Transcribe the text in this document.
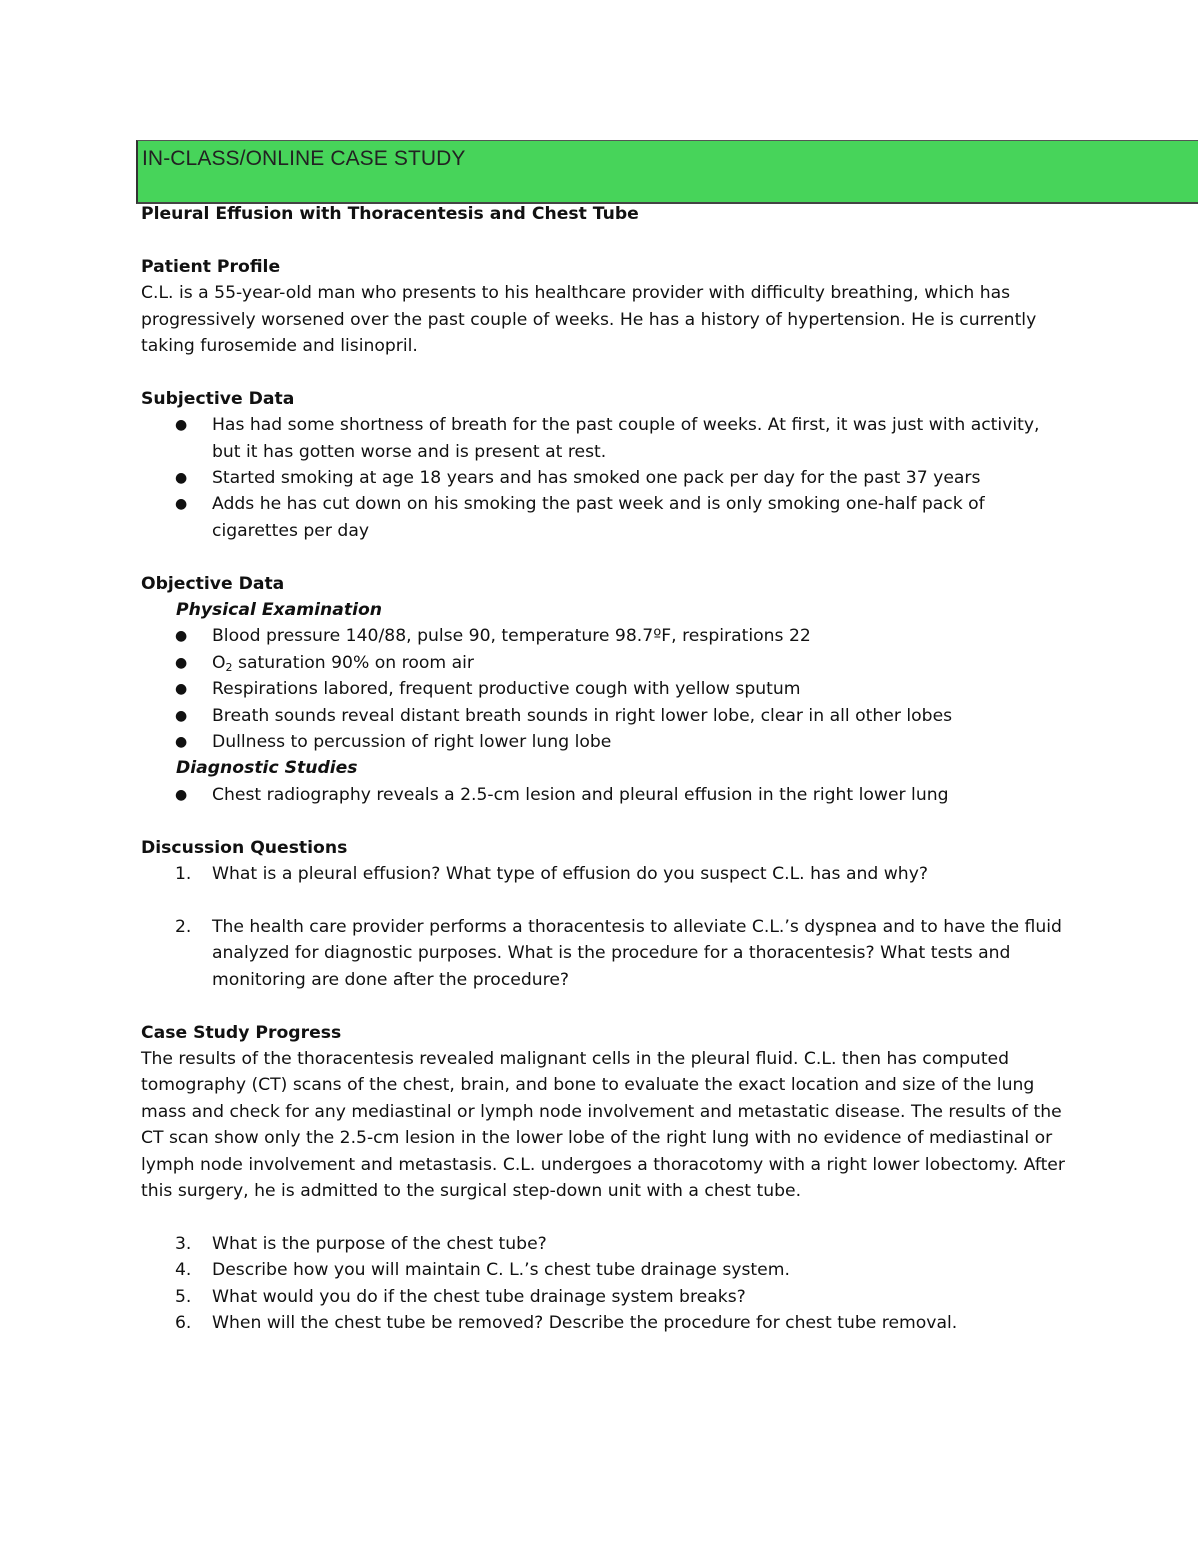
IN-CLASS/ONLINE CASE STUDY

Pleural Effusion with Thoracentesis and Chest Tube

Patient Profile

C.L. is a 55-year-old man who presents to his healthcare provider with difficulty breathing, which has progressively worsened over the past couple of weeks. He has a history of hypertension. He is currently taking furosemide and lisinopril.

Subjective Data

●	Has had some shortness of breath for the past couple of weeks. At first, it was just with activity, but it has gotten worse and is present at rest.
●	Started smoking at age 18 years and has smoked one pack per day for the past 37 years
●	Adds he has cut down on his smoking the past week and is only smoking one-half pack of cigarettes per day

Objective Data

Physical Examination

●	Blood pressure 140/88, pulse 90, temperature 98.7ºF, respirations 22
●	$O_2$ saturation 90% on room air
●	Respirations labored, frequent productive cough with yellow sputum
●	Breath sounds reveal distant breath sounds in right lower lobe, clear in all other lobes
●	Dullness to percussion of right lower lung lobe

Diagnostic Studies

●	Chest radiography reveals a 2.5-cm lesion and pleural effusion in the right lower lung

Discussion Questions

1.	What is a pleural effusion? What type of effusion do you suspect C.L. has and why?
2.	The health care provider performs a thoracentesis to alleviate C.L.’s dyspnea and to have the fluid analyzed for diagnostic purposes. What is the procedure for a thoracentesis? What tests and monitoring are done after the procedure?

Case Study Progress

The results of the thoracentesis revealed malignant cells in the pleural fluid. C.L. then has computed tomography (CT) scans of the chest, brain, and bone to evaluate the exact location and size of the lung mass and check for any mediastinal or lymph node involvement and metastatic disease. The results of the CT scan show only the 2.5-cm lesion in the lower lobe of the right lung with no evidence of mediastinal or lymph node involvement and metastasis. C.L. undergoes a thoracotomy with a right lower lobectomy. After this surgery, he is admitted to the surgical step-down unit with a chest tube.

3.	What is the purpose of the chest tube?
4.	Describe how you will maintain C. L.’s chest tube drainage system.
5.	What would you do if the chest tube drainage system breaks?
6.	When will the chest tube be removed? Describe the procedure for chest tube removal.
